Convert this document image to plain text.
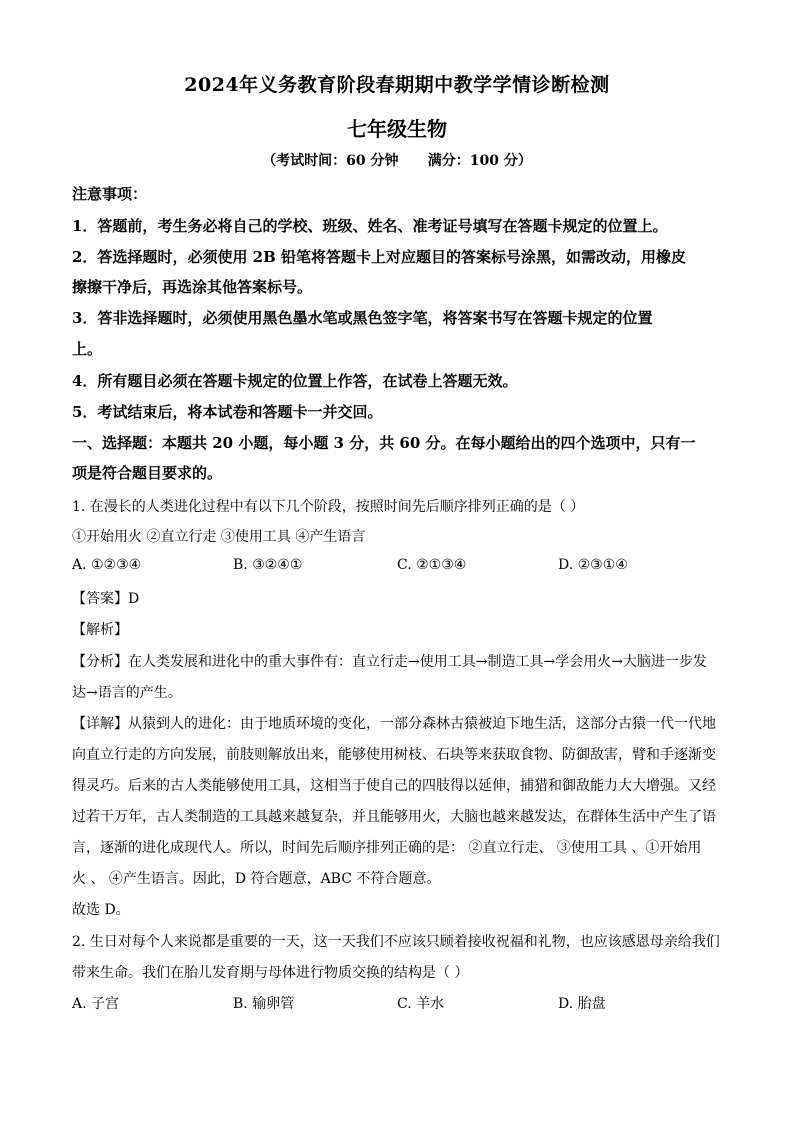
2024年义务教育阶段春期期中教学学情诊断检测
七年级生物
（考试时间：60 分钟      满分：100 分）
注意事项：
1．答题前，考生务必将自己的学校、班级、姓名、准考证号填写在答题卡规定的位置上。
2．答选择题时，必须使用 2B 铅笔将答题卡上对应题目的答案标号涂黑，如需改动，用橡皮
擦擦干净后，再选涂其他答案标号。
3．答非选择题时，必须使用黑色墨水笔或黑色签字笔，将答案书写在答题卡规定的位置
上。
4．所有题目必须在答题卡规定的位置上作答，在试卷上答题无效。
5．考试结束后，将本试卷和答题卡一并交回。
一、选择题：本题共 20 小题，每小题 3 分，共 60 分。在每小题给出的四个选项中，只有一
项是符合题目要求的。
1. 在漫长的人类进化过程中有以下几个阶段，按照时间先后顺序排列正确的是（ ）
①开始用火 ②直立行走 ③使用工具 ④产生语言
A. ①②③④	B. ③②④①	C. ②①③④	D. ②③①④
【答案】D
【解析】
【分析】在人类发展和进化中的重大事件有：直立行走→使用工具→制造工具→学会用火→大脑进一步发
达→语言的产生。
【详解】从猿到人的进化：由于地质环境的变化，一部分森林古猿被迫下地生活，这部分古猿一代一代地
向直立行走的方向发展，前肢则解放出来，能够使用树枝、石块等来获取食物、防御敌害，臂和手逐渐变
得灵巧。后来的古人类能够使用工具，这相当于使自己的四肢得以延伸，捕猎和御敌能力大大增强。又经
过若干万年，古人类制造的工具越来越复杂，并且能够用火，大脑也越来越发达，在群体生活中产生了语
言，逐渐的进化成现代人。所以，时间先后顺序排列正确的是： ②直立行走、 ③使用工具 、①开始用
火 、 ④产生语言。因此，D 符合题意，ABC 不符合题意。
故选 D。
2. 生日对每个人来说都是重要的一天，这一天我们不应该只顾着接收祝福和礼物，也应该感恩母亲给我们
带来生命。我们在胎儿发育期与母体进行物质交换的结构是（ ）
A. 子宫	B. 输卵管	C. 羊水	D. 胎盘
